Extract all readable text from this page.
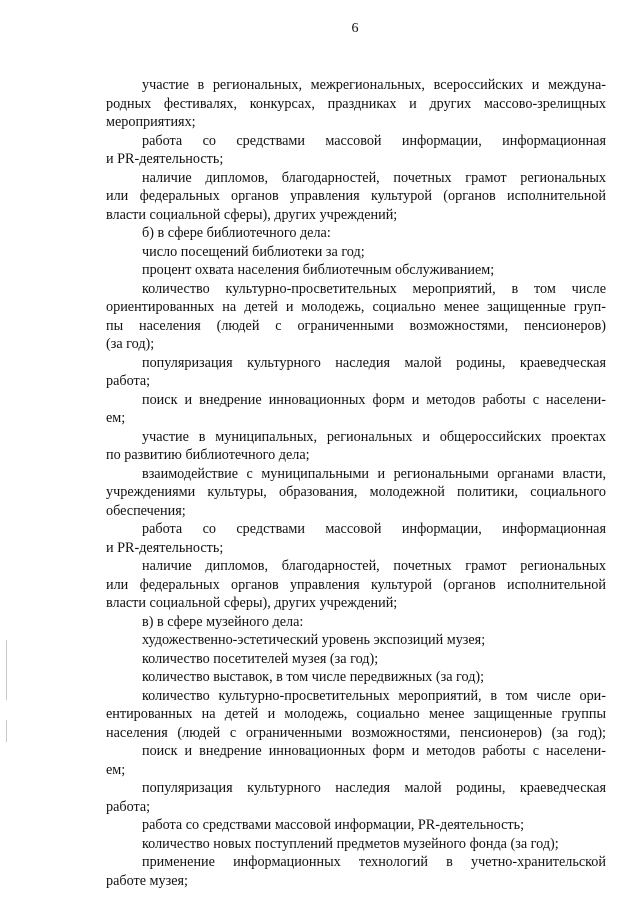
6
участие в региональных, межрегиональных, всероссийских и междуна-
родных фестивалях, конкурсах, праздниках и других массово-зрелищных
мероприятиях;
работа со средствами массовой информации, информационная
и PR-деятельность;
наличие дипломов, благодарностей, почетных грамот региональных
или федеральных органов управления культурой (органов исполнительной
власти социальной сферы), других учреждений;
б) в сфере библиотечного дела:
число посещений библиотеки за год;
процент охвата населения библиотечным обслуживанием;
количество культурно-просветительных мероприятий, в том числе
ориентированных на детей и молодежь, социально менее защищенные груп-
пы населения (людей с ограниченными возможностями, пенсионеров)
(за год);
популяризация культурного наследия малой родины, краеведческая
работа;
поиск и внедрение инновационных форм и методов работы с населени-
ем;
участие в муниципальных, региональных и общероссийских проектах
по развитию библиотечного дела;
взаимодействие с муниципальными и региональными органами власти,
учреждениями культуры, образования, молодежной политики, социального
обеспечения;
работа со средствами массовой информации, информационная
и PR-деятельность;
наличие дипломов, благодарностей, почетных грамот региональных
или федеральных органов управления культурой (органов исполнительной
власти социальной сферы), других учреждений;
в) в сфере музейного дела:
художественно-эстетический уровень экспозиций музея;
количество посетителей музея (за год);
количество выставок, в том числе передвижных (за год);
количество культурно-просветительных мероприятий, в том числе ори-
ентированных на детей и молодежь, социально менее защищенные группы
населения (людей с ограниченными возможностями, пенсионеров) (за год);
поиск и внедрение инновационных форм и методов работы с населени-
ем;
популяризация культурного наследия малой родины, краеведческая
работа;
работа со средствами массовой информации, PR-деятельность;
количество новых поступлений предметов музейного фонда (за год);
применение информационных технологий в учетно-хранительской
работе музея;
